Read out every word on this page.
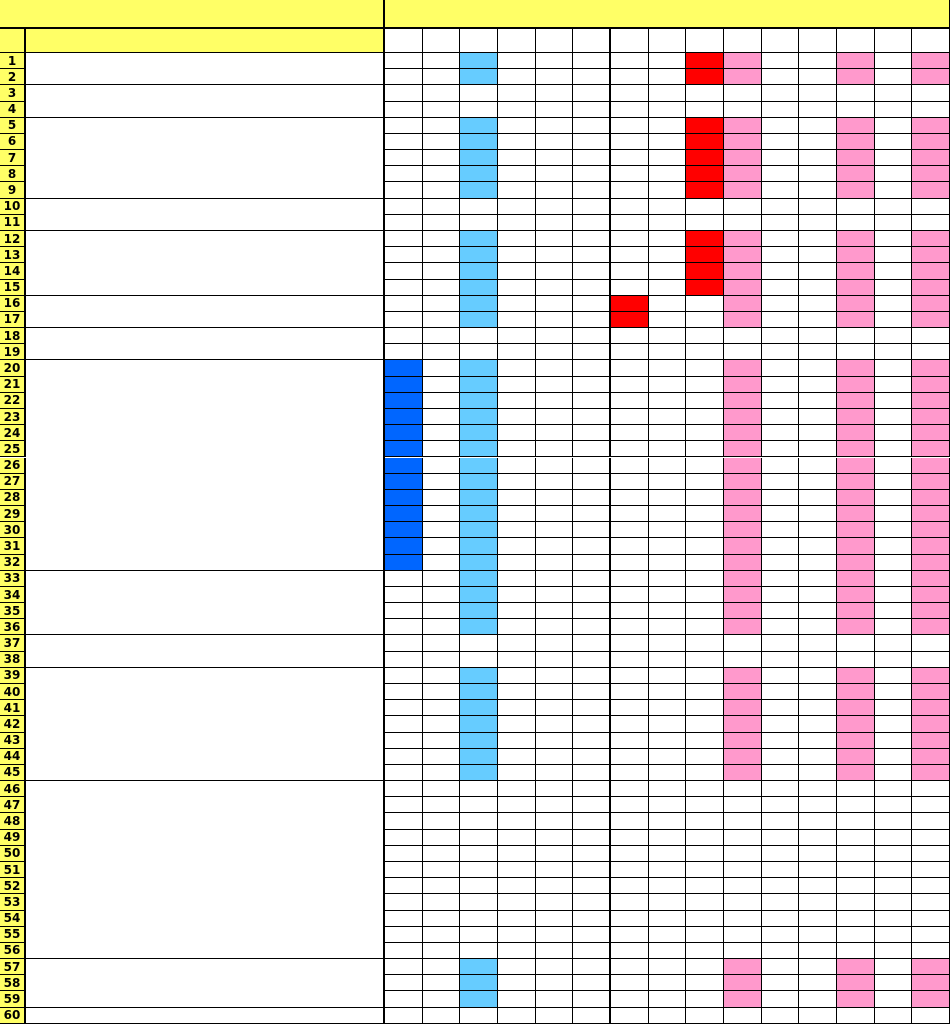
1
2
3
4
5
6
7
8
9
10
11
12
13
14
15
16
17
18
19
20
21
22
23
24
25
26
27
28
29
30
31
32
33
34
35
36
37
38
39
40
41
42
43
44
45
46
47
48
49
50
51
52
53
54
55
56
57
58
59
60
